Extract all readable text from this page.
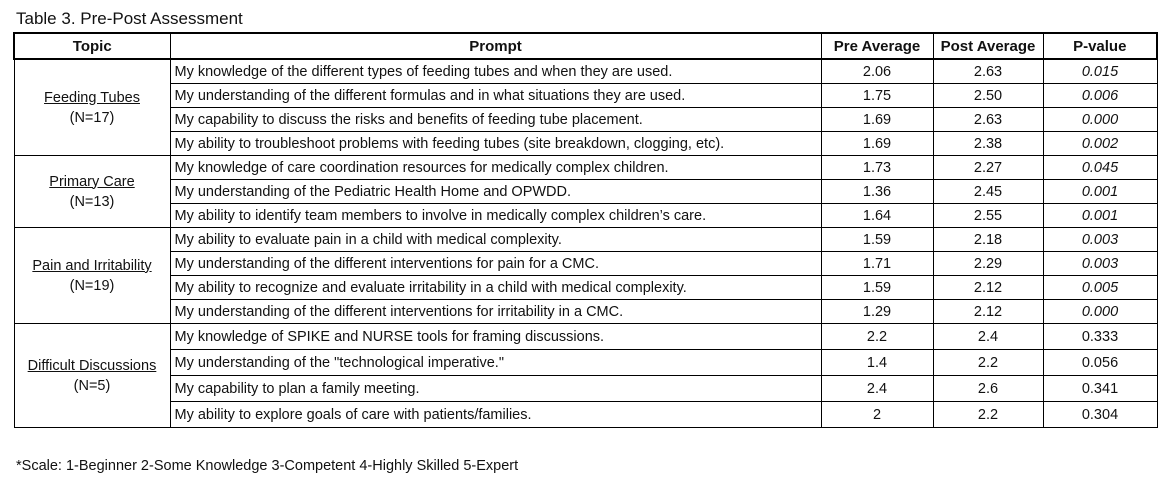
Table 3. Pre-Post Assessment
Topic	Prompt	Pre Average	Post Average	P-value
Feeding Tubes
(N=17)	My knowledge of the different types of feeding tubes and when they are used.	2.06	2.63	0.015
	My understanding of the different formulas and in what situations they are used.	1.75	2.50	0.006
	My capability to discuss the risks and benefits of feeding tube placement.	1.69	2.63	0.000
	My ability to troubleshoot problems with feeding tubes (site breakdown, clogging, etc).	1.69	2.38	0.002
Primary Care
(N=13)	My knowledge of care coordination resources for medically complex children.	1.73	2.27	0.045
	My understanding of the Pediatric Health Home and OPWDD.	1.36	2.45	0.001
	My ability to identify team members to involve in medically complex children’s care.	1.64	2.55	0.001
Pain and Irritability
(N=19)	My ability to evaluate pain in a child with medical complexity.	1.59	2.18	0.003
	My understanding of the different interventions for pain for a CMC.	1.71	2.29	0.003
	My ability to recognize and evaluate irritability in a child with medical complexity.	1.59	2.12	0.005
	My understanding of the different interventions for irritability in a CMC.	1.29	2.12	0.000
Difficult Discussions
(N=5)	My knowledge of SPIKE and NURSE tools for framing discussions.	2.2	2.4	0.333
	My understanding of the "technological imperative."	1.4	2.2	0.056
	My capability to plan a family meeting.	2.4	2.6	0.341
	My ability to explore goals of care with patients/families.	2	2.2	0.304
*Scale: 1-Beginner 2-Some Knowledge 3-Competent 4-Highly Skilled 5-Expert
